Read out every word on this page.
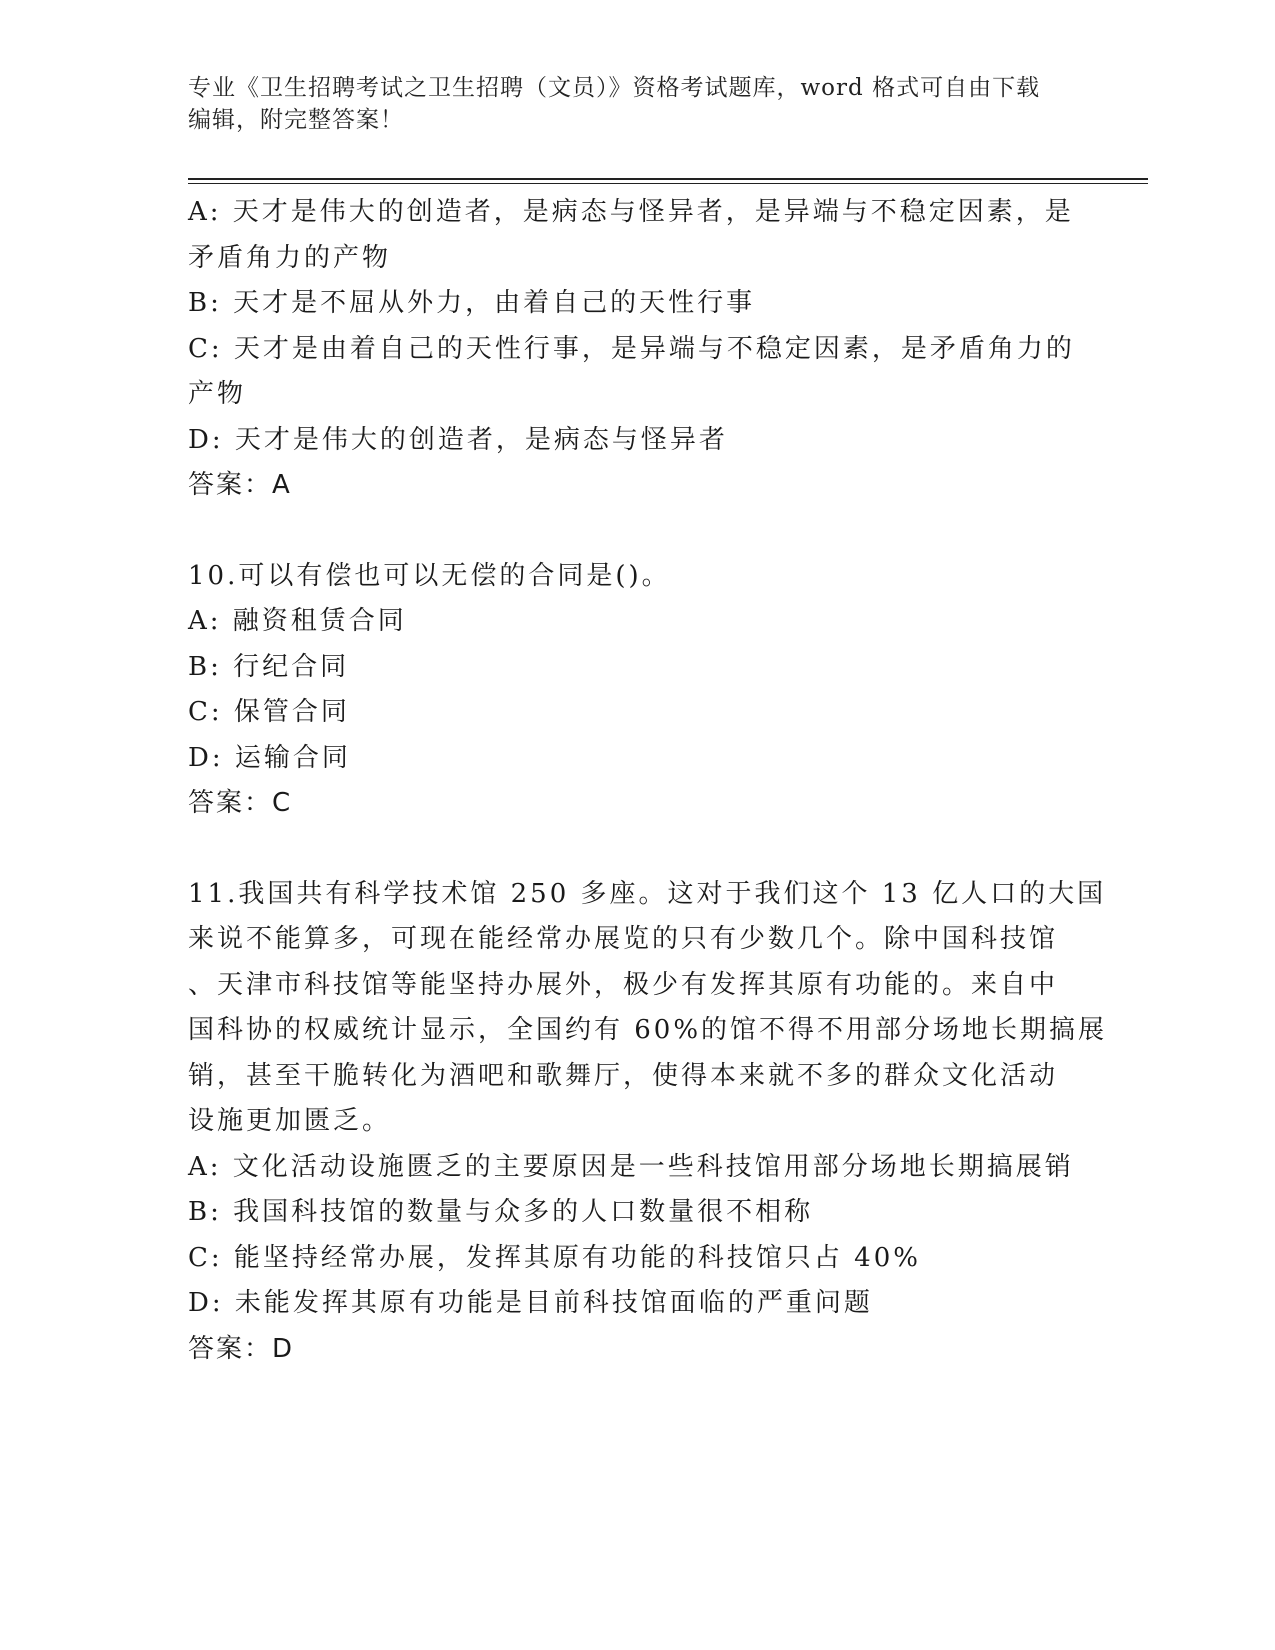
专业《卫生招聘考试之卫生招聘（文员）》资格考试题库，word 格式可自由下载

编辑，附完整答案！

A: 天才是伟大的创造者，是病态与怪异者，是异端与不稳定因素，是

矛盾角力的产物

B: 天才是不屈从外力，由着自己的天性行事

C: 天才是由着自己的天性行事，是异端与不稳定因素，是矛盾角力的

产物

D: 天才是伟大的创造者，是病态与怪异者

答案：A

10.可以有偿也可以无偿的合同是()。

A: 融资租赁合同

B: 行纪合同

C: 保管合同

D: 运输合同

答案：C

11.我国共有科学技术馆 250 多座。这对于我们这个 13 亿人口的大国

来说不能算多，可现在能经常办展览的只有少数几个。除中国科技馆

、天津市科技馆等能坚持办展外，极少有发挥其原有功能的。来自中

国科协的权威统计显示，全国约有 60%的馆不得不用部分场地长期搞展

销，甚至干脆转化为酒吧和歌舞厅，使得本来就不多的群众文化活动

设施更加匮乏。

A: 文化活动设施匮乏的主要原因是一些科技馆用部分场地长期搞展销

B: 我国科技馆的数量与众多的人口数量很不相称

C: 能坚持经常办展，发挥其原有功能的科技馆只占 40%

D: 未能发挥其原有功能是目前科技馆面临的严重问题

答案：D
